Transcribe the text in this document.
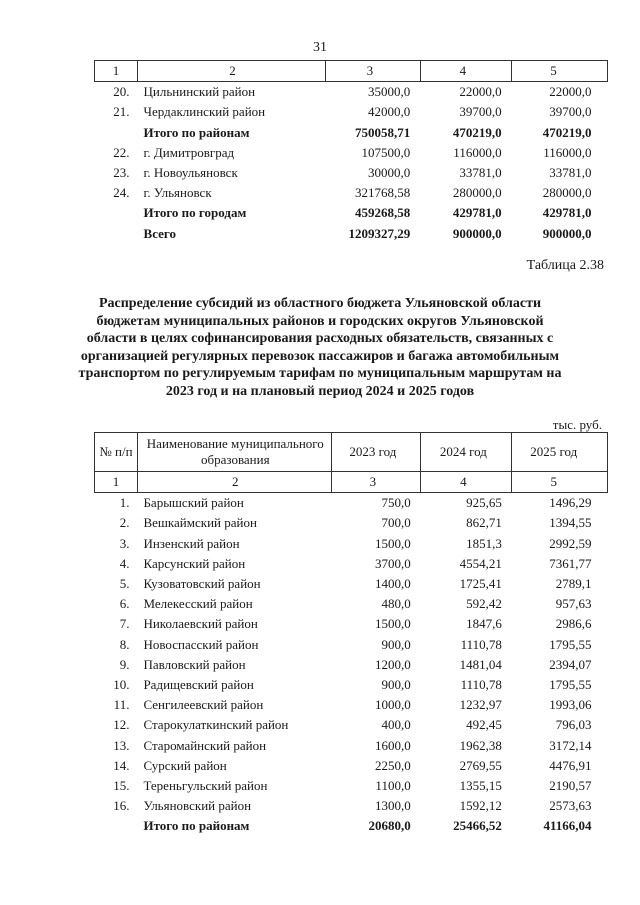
31
1	2	3	4	5
20.	Цильнинский район	35000,0	22000,0	22000,0
21.	Чердаклинский район	42000,0	39700,0	39700,0
	Итого по районам	750058,71	470219,0	470219,0
22.	г. Димитровград	107500,0	116000,0	116000,0
23.	г. Новоульяновск	30000,0	33781,0	33781,0
24.	г. Ульяновск	321768,58	280000,0	280000,0
	Итого по городам	459268,58	429781,0	429781,0
	Всего	1209327,29	900000,0	900000,0
Таблица 2.38
Распределение субсидий из областного бюджета Ульяновской области бюджетам муниципальных районов и городских округов Ульяновской области в целях софинансирования расходных обязательств, связанных с организацией регулярных перевозок пассажиров и багажа автомобильным транспортом по регулируемым тарифам по муниципальным маршрутам на 2023 год и на плановый период 2024 и 2025 годов
тыс. руб.
№ п/п	Наименование муниципального образования	2023 год	2024 год	2025 год
1	2	3	4	5
1.	Барышский район	750,0	925,65	1496,29
2.	Вешкаймский район	700,0	862,71	1394,55
3.	Инзенский район	1500,0	1851,3	2992,59
4.	Карсунский район	3700,0	4554,21	7361,77
5.	Кузоватовский район	1400,0	1725,41	2789,1
6.	Мелекесский район	480,0	592,42	957,63
7.	Николаевский район	1500,0	1847,6	2986,6
8.	Новоспасский район	900,0	1110,78	1795,55
9.	Павловский район	1200,0	1481,04	2394,07
10.	Радищевский район	900,0	1110,78	1795,55
11.	Сенгилеевский район	1000,0	1232,97	1993,06
12.	Старокулаткинский район	400,0	492,45	796,03
13.	Старомайнский район	1600,0	1962,38	3172,14
14.	Сурский район	2250,0	2769,55	4476,91
15.	Тереньгульский район	1100,0	1355,15	2190,57
16.	Ульяновский район	1300,0	1592,12	2573,63
	Итого по районам	20680,0	25466,52	41166,04
